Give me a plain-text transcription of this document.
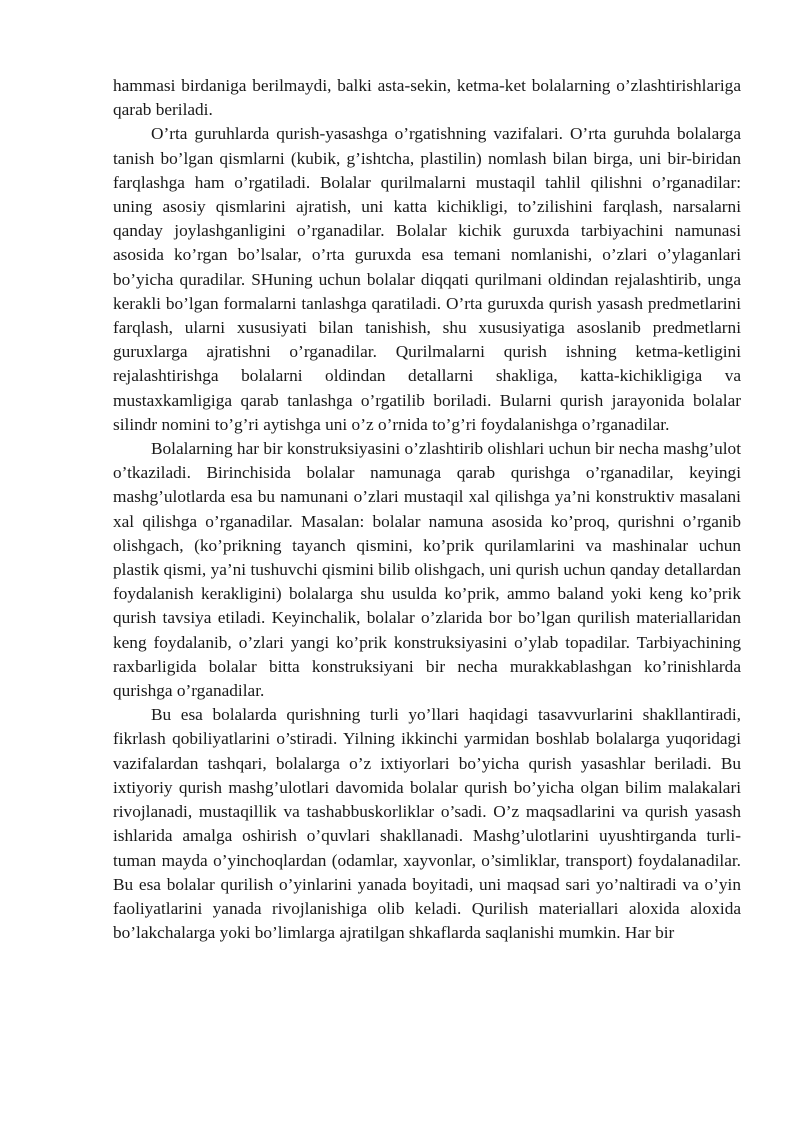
hammasi birdaniga berilmaydi, balki asta-sekin, ketma-ket bolalarning o’zlashtirishlariga qarab beriladi.

O’rta guruhlarda qurish-yasashga o’rgatishning vazifalari. O’rta guruhda bolalarga tanish bo’lgan qismlarni (kubik, g’ishtcha, plastilin) nomlash bilan birga, uni bir-biridan farqlashga ham o’rgatiladi. Bolalar qurilmalarni mustaqil tahlil qilishni o’rganadilar: uning asosiy qismlarini ajratish, uni katta kichikligi, to’zilishini farqlash, narsalarni qanday joylashganligini o’rganadilar. Bolalar kichik guruxda tarbiyachini namunasi asosida ko’rgan bo’lsalar, o’rta guruxda esa temani nomlanishi, o’zlari o’ylaganlari bo’yicha quradilar. SHuning uchun bolalar diqqati qurilmani oldindan rejalashtirib, unga kerakli bo’lgan formalarni tanlashga qaratiladi. O’rta guruxda qurish yasash predmetlarini farqlash, ularni xususiyati bilan tanishish, shu xususiyatiga asoslanib predmetlarni guruxlarga ajratishni o’rganadilar. Qurilmalarni qurish ishning ketma-ketligini rejalashtirishga bolalarni oldindan detallarni shakliga, katta-kichikligiga va mustaxkamligiga qarab tanlashga o’rgatilib boriladi. Bularni qurish jarayonida bolalar silindr nomini to’g’ri aytishga uni o’z o’rnida to’g’ri foydalanishga o’rganadilar.

Bolalarning har bir konstruksiyasini o’zlashtirib olishlari uchun bir necha mashg’ulot o’tkaziladi. Birinchisida bolalar namunaga qarab qurishga o’rganadilar, keyingi mashg’ulotlarda esa bu namunani o’zlari mustaqil xal qilishga ya’ni konstruktiv masalani xal qilishga o’rganadilar. Masalan: bolalar namuna asosida ko’proq, qurishni o’rganib olishgach, (ko’prikning tayanch qismini, ko’prik qurilamlarini va mashinalar uchun plastik qismi, ya’ni tushuvchi qismini bilib olishgach, uni qurish uchun qanday detallardan foydalanish kerakligini) bolalarga shu usulda ko’prik, ammo baland yoki keng ko’prik qurish tavsiya etiladi. Keyinchalik, bolalar o’zlarida bor bo’lgan qurilish materiallaridan keng foydalanib, o’zlari yangi ko’prik konstruksiyasini o’ylab topadilar. Tarbiyachining raxbarligida bolalar bitta konstruksiyani bir necha murakkablashgan ko’rinishlarda qurishga o’rganadilar.

Bu esa bolalarda qurishning turli yo’llari haqidagi tasavvurlarini shakllantiradi, fikrlash qobiliyatlarini o’stiradi. Yilning ikkinchi yarmidan boshlab bolalarga yuqoridagi vazifalardan tashqari, bolalarga o’z ixtiyorlari bo’yicha qurish yasashlar beriladi. Bu ixtiyoriy qurish mashg’ulotlari davomida bolalar qurish bo’yicha olgan bilim malakalari rivojlanadi, mustaqillik va tashabbuskorliklar o’sadi. O’z maqsadlarini va qurish yasash ishlarida amalga oshirish o’quvlari shakllanadi. Mashg’ulotlarini uyushtirganda turli-tuman mayda o’yinchoqlardan (odamlar, xayvonlar, o’simliklar, transport) foydalanadilar. Bu esa bolalar qurilish o’yinlarini yanada boyitadi, uni maqsad sari yo’naltiradi va o’yin faoliyatlarini yanada rivojlanishiga olib keladi. Qurilish materiallari aloxida aloxida bo’lakchalarga yoki bo’limlarga ajratilgan shkaflarda saqlanishi mumkin. Har bir
